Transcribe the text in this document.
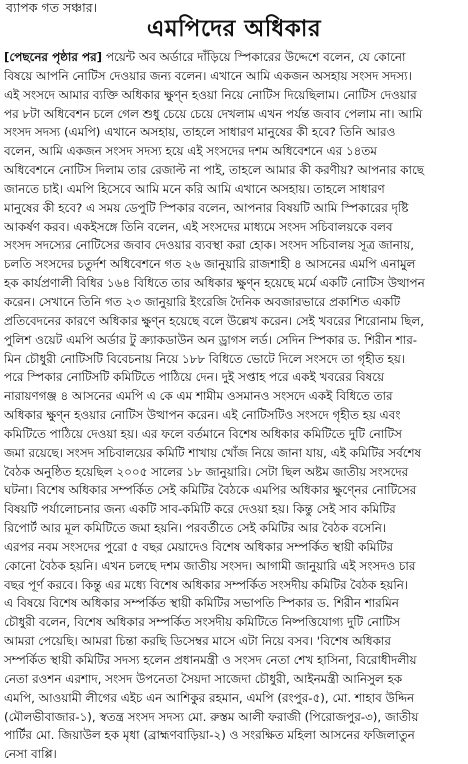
ব্যাপক গত সঞ্চার।
এমপিদের অধিকার
[পেছনের পৃষ্ঠার পর] পয়েন্ট অব অর্ডারে দাঁড়িয়ে স্পিকারের উদ্দেশে বলেন, যে কোনো
বিষয়ে আপনি নোটিস দেওয়ার জন্য বলেন। এখানে আমি একজন অসহায় সংসদ সদস্য।
এই সংসদে আমার ব্যক্তি অধিকার ক্ষুণ্ন হওয়া নিয়ে নোটিস দিয়েছিলাম। নোটিস দেওয়ার
পর ৮টা অধিবেশন চলে গেল শুধু চেয়ে চেয়ে দেখলাম এখন পর্যন্ত জবাব পেলাম না। আমি
সংসদ সদস্য (এমপি) এখানে অসহায়, তাহলে সাধারণ মানুষের কী হবে? তিনি আরও
বলেন, আমি একজন সংসদ সদস্য হয়ে এই সংসদের দশম অধিবেশনে এর ১৪তম
অধিবেশনে নোটিস দিলাম তার রেজাল্ট না পাই, তাহলে আমার কী করণীয়? আপনার কাছে
জানতে চাই। এমপি হিসেবে আমি মনে করি আমি এখানে অসহায়। তাহলে সাধারণ
মানুষের কী হবে? এ সময় ডেপুটি স্পিকার বলেন, আপনার বিষয়টি আমি স্পিকারের দৃষ্টি
আকর্ষণ করব। একইসঙ্গে তিনি বলেন, এই সংসদের মাধ্যমে সংসদ সচিবালয়কে বলব
সংসদ সদস্যের নোটিসের জবাব দেওয়ার ব্যবস্থা করা হোক। সংসদ সচিবালয় সূত্র জানায়,
চলতি সংসদের চতুর্দশ অধিবেশনে গত ২৬ জানুয়ারি রাজশাহী ৪ আসনের এমপি এনামুল
হক কার্যপ্রণালী বিধির ১৬৪ বিধিতে তার অধিকার ক্ষুণ্ন হয়েছে মর্মে একটি নোটিস উত্থাপন
করেন। সেখানে তিনি গত ২৩ জানুয়ারি ইংরেজি দৈনিক অবজারভারে প্রকাশিত একটি
প্রতিবেদনের কারণে অধিকার ক্ষুণ্ন হয়েছে বলে উল্লেখ করেন। সেই খবরের শিরোনাম ছিল,
পুলিশ ওয়েট এমপি অর্ডার টু ক্র্যাকডাউন অন ড্রাগস লর্ড। সেদিন স্পিকার ড. শিরীন শার-
মিন চৌধুরী নোটিসটি বিবেচনায় নিয়ে ১৮৮ বিধিতে ভোটে দিলে সংসদে তা গৃহীত হয়।
পরে স্পিকার নোটিসটি কমিটিতে পাঠিয়ে দেন। দুই সপ্তাহ পরে একই খবরের বিষয়ে
নারায়ণগঞ্জ ৪ আসনের এমপি এ কে এম শামীম ওসমানও সংসদে একই বিধিতে তার
অধিকার ক্ষুণ্ন হওয়ার নোটিস উত্থাপন করেন। এই নোটিসটিও সংসদে গৃহীত হয় এবং
কমিটিতে পাঠিয়ে দেওয়া হয়। এর ফলে বর্তমানে বিশেষ অধিকার কমিটিতে দুটি নোটিস
জমা রয়েছে। সংসদ সচিবালয়ের কমিটি শাখায় খোঁজ নিয়ে জানা যায়, এই কমিটির সর্বশেষ
বৈঠক অনুষ্ঠিত হয়েছিল ২০০৫ সালের ১৮ জানুয়ারি। সেটা ছিল অষ্টম জাতীয় সংসদের
ঘটনা। বিশেষ অধিকার সম্পর্কিত সেই কমিটির বৈঠকে এমপির অধিকার ক্ষুণ্নের নোটিসের
বিষয়টি পর্যালোচনার জন্য একটি সাব-কমিটি করে দেওয়া হয়। কিন্তু সেই সাব কমিটির
রিপোর্ট আর মূল কমিটিতে জমা হয়নি। পরবর্তীতে সেই কমিটির আর বৈঠক বসেনি।
এরপর নবম সংসদের পুরো ৫ বছর মেয়াদেও বিশেষ অধিকার সম্পর্কিত স্থায়ী কমিটির
কোনো বৈঠক হয়নি। এখন চলছে দশম জাতীয় সংসদ। আগামী জানুয়ারি এই সংসদও চার
বছর পূর্ণ করবে। কিন্তু এর মধ্যে বিশেষ অধিকার সম্পর্কিত সংসদীয় কমিটির বৈঠক হয়নি।
এ বিষয়ে বিশেষ অধিকার সম্পর্কিত স্থায়ী কমিটির সভাপতি স্পিকার ড. শিরীন শারমিন
চৌধুরী বলেন, বিশেষ অধিকার সম্পর্কিত সংসদীয় কমিটিতে নিষ্পত্তিযোগ্য দুটি নোটিস
আমরা পেয়েছি। আমরা চিন্তা করছি ডিসেম্বর মাসে এটা নিয়ে বসব। 'বিশেষ অধিকার
সম্পর্কিত স্থায়ী কমিটির সদস্য হলেন প্রধানমন্ত্রী ও সংসদ নেতা শেখ হাসিনা, বিরোধীদলীয়
নেতা রওশন এরশাদ, সংসদ উপনেতা সৈয়দা সাজেদা চৌধুরী, আইনমন্ত্রী আনিসুল হক
এমপি, আওয়ামী লীগের এইচ এন আশিকুর রহমান, এমপি (রংপুর-৫), মো. শাহাব উদ্দিন
(মৌলভীবাজার-১), স্বতন্ত্র সংসদ সদস্য মো. রুস্তম আলী ফরাজী (পিরোজপুর-৩), জাতীয়
পার্টির মো. জিয়াউল হক মৃধা (ব্রাহ্মণবাড়িয়া-২) ও সংরক্ষিত মহিলা আসনের ফজিলাতুন
নেসা বাপ্পি।
